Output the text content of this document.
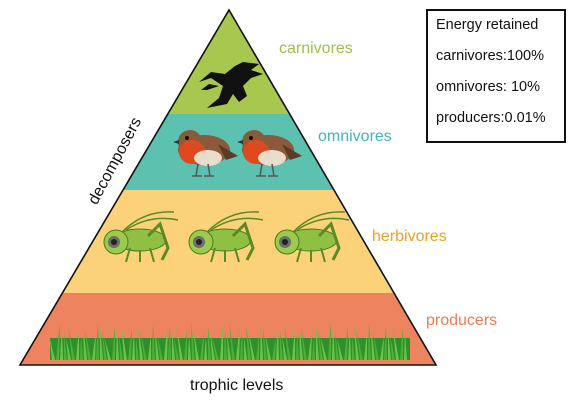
carnivores
omnivores
herbivores
producers
decomposers
trophic levels
Energy retained
carnivores:100%
omnivores: 10%
producers:0.01%
